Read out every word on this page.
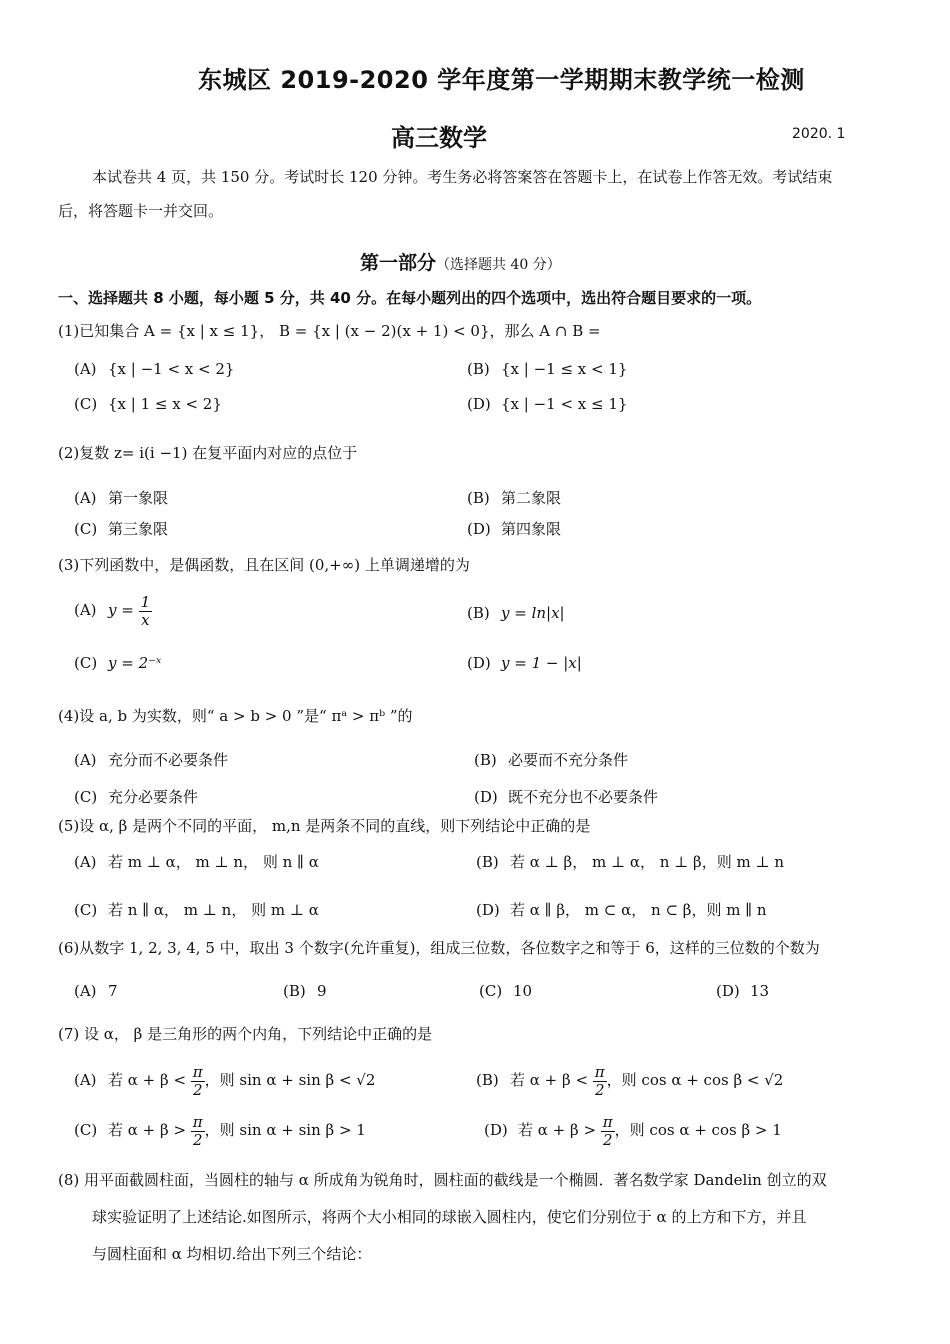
东城区 2019-2020 学年度第一学期期末教学统一检测
高三数学	2020. 1
本试卷共 4 页，共 150 分。考试时长 120 分钟。考生务必将答案答在答题卡上，在试卷上作答无效。考试结束
后，将答题卡一并交回。
第一部分（选择题共 40 分）
一、选择题共 8 小题，每小题 5 分，共 40 分。在每小题列出的四个选项中，选出符合题目要求的一项。
(1)已知集合 A = {x | x ≤ 1}， B = {x | (x − 2)(x + 1) < 0}，那么 A ∩ B =
(A) {x | −1 < x < 2}	(B) {x | −1 ≤ x < 1}
(C) {x | 1 ≤ x < 2}	(D) {x | −1 < x ≤ 1}
(2)复数 z= i(i −1) 在复平面内对应的点位于
(A) 第一象限	(B) 第二象限
(C) 第三象限	(D) 第四象限
(3)下列函数中，是偶函数，且在区间 (0,+∞) 上单调递增的为
(A) $y = \frac{1}{x}$	(B) y = ln|x|
(C) y = 2⁻ˣ	(D) y = 1 − |x|
(4)设 a, b 为实数，则“ a > b > 0 ”是“ πᵃ > πᵇ ”的
(A) 充分而不必要条件	(B) 必要而不充分条件
(C) 充分必要条件	(D) 既不充分也不必要条件
(5)设 α, β 是两个不同的平面， m,n 是两条不同的直线，则下列结论中正确的是
(A) 若 m ⊥ α， m ⊥ n， 则 n ∥ α	(B) 若 α ⊥ β， m ⊥ α， n ⊥ β，则 m ⊥ n
(C) 若 n ∥ α， m ⊥ n， 则 m ⊥ α	(D) 若 α ∥ β， m ⊂ α， n ⊂ β，则 m ∥ n
(6)从数字 1, 2, 3, 4, 5 中，取出 3 个数字(允许重复)，组成三位数，各位数字之和等于 6，这样的三位数的个数为
(A) 7	(B) 9	(C) 10	(D) 13
(7) 设 α， β 是三角形的两个内角，下列结论中正确的是
(A) 若 $\alpha + \beta < \frac{\pi}{2}$ ，则 sin α + sin β < √2	(B) 若 $\alpha + \beta < \frac{\pi}{2}$ ，则 cos α + cos β < √2
(C) 若 $\alpha + \beta > \frac{\pi}{2}$ ，则 sin α + sin β > 1	(D) 若 $\alpha + \beta > \frac{\pi}{2}$ ，则 cos α + cos β > 1
(8) 用平面截圆柱面，当圆柱的轴与 α 所成角为锐角时，圆柱面的截线是一个椭圆．著名数学家 Dandelin 创立的双
球实验证明了上述结论.如图所示，将两个大小相同的球嵌入圆柱内，使它们分别位于 α 的上方和下方，并且
与圆柱面和 α 均相切.给出下列三个结论：
